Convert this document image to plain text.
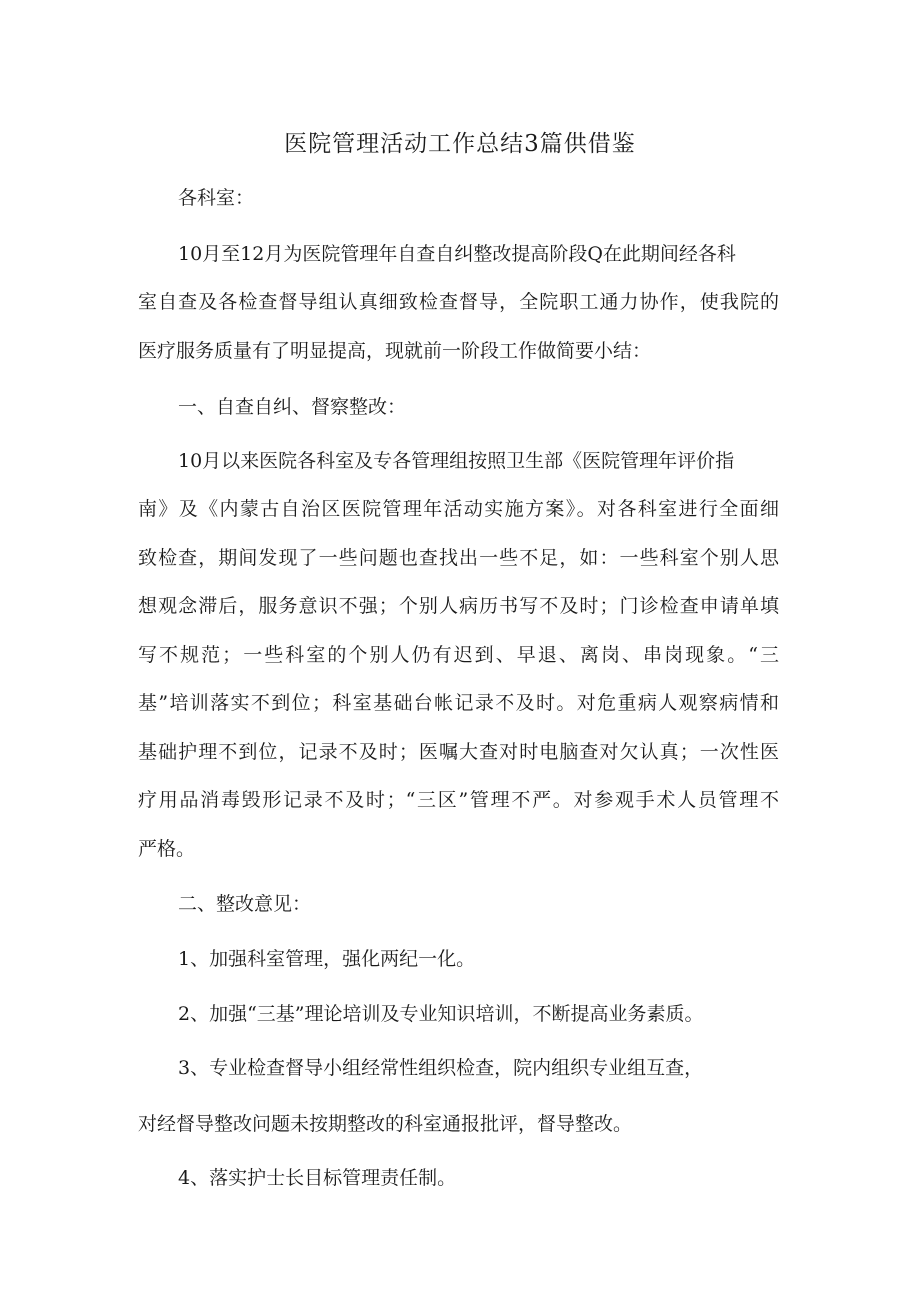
医院管理活动工作总结3篇供借鉴
各科室：
10月至12月为医院管理年自查自纠整改提高阶段Q在此期间经各科
室自查及各检查督导组认真细致检查督导，全院职工通力协作，使我院的
医疗服务质量有了明显提高，现就前一阶段工作做简要小结：
一、自查自纠、督察整改：
10月以来医院各科室及专各管理组按照卫生部《医院管理年评价指
南》及《内蒙古自治区医院管理年活动实施方案》。对各科室进行全面细
致检查，期间发现了一些问题也查找出一些不足，如：一些科室个别人思
想观念滞后，服务意识不强；个别人病历书写不及时；门诊检查申请单填
写不规范；一些科室的个别人仍有迟到、早退、离岗、串岗现象。“三
基”培训落实不到位；科室基础台帐记录不及时。对危重病人观察病情和
基础护理不到位，记录不及时；医嘱大查对时电脑查对欠认真；一次性医
疗用品消毒毁形记录不及时；“三区”管理不严。对参观手术人员管理不
严格。
二、整改意见：
1、加强科室管理，强化两纪一化。
2、加强“三基”理论培训及专业知识培训，不断提高业务素质。
3、专业检查督导小组经常性组织检查，院内组织专业组互查，
对经督导整改问题未按期整改的科室通报批评，督导整改。
4、落实护士长目标管理责任制。
